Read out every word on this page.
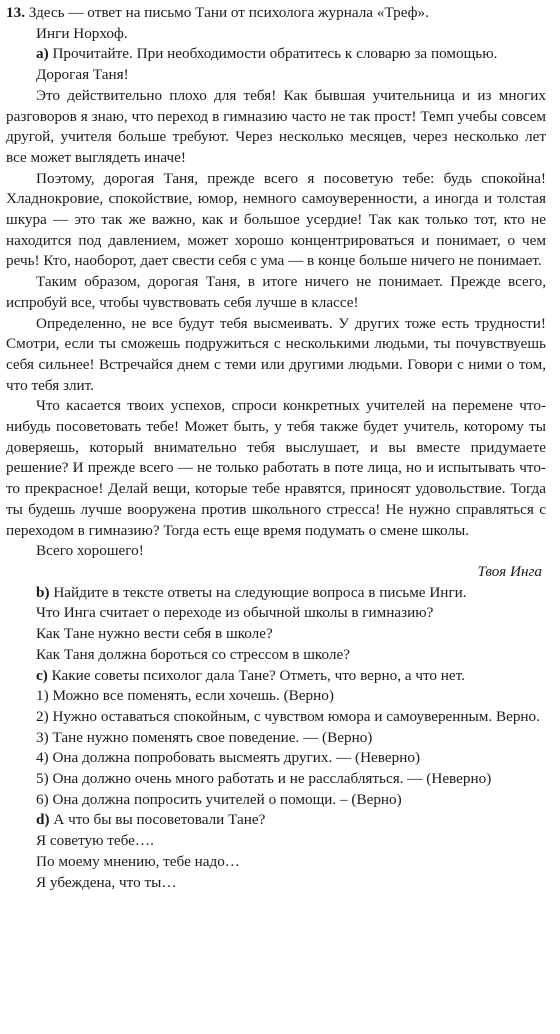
13. Здесь — ответ на письмо Тани от психолога журнала «Треф».

Инги Норхоф.

a) Прочитайте. При необходимости обратитесь к словарю за помощью.

Дорогая Таня!

Это действительно плохо для тебя! Как бывшая учительница и из многих разговоров я знаю, что переход в гимназию часто не так прост! Темп учебы совсем другой, учителя больше требуют. Через несколько месяцев, через несколько лет все может выглядеть иначе!

Поэтому, дорогая Таня, прежде всего я посоветую тебе: будь спокойна! Хладнокровие, спокойствие, юмор, немного самоуверенности, а иногда и толстая шкура — это так же важно, как и большое усердие! Так как только тот, кто не находится под давлением, может хорошо концентрироваться и понимает, о чем речь! Кто, наоборот, дает свести себя с ума — в конце больше ничего не понимает.

Таким образом, дорогая Таня, в итоге ничего не понимает. Прежде всего, испробуй все, чтобы чувствовать себя лучше в классе!

Определенно, не все будут тебя высмеивать. У других тоже есть трудности! Смотри, если ты сможешь подружиться с несколькими людьми, ты почувствуешь себя сильнее! Встречайся днем с теми или другими людьми. Говори с ними о том, что тебя злит.

Что касается твоих успехов, спроси конкретных учителей на перемене что-нибудь посоветовать тебе! Может быть, у тебя также будет учитель, которому ты доверяешь, который внимательно тебя выслушает, и вы вместе придумаете решение? И прежде всего — не только работать в поте лица, но и испытывать что-то прекрасное! Делай вещи, которые тебе нравятся, приносят удовольствие. Тогда ты будешь лучше вооружена против школьного стресса! Не нужно справляться с переходом в гимназию? Тогда есть еще время подумать о смене школы.

Всего хорошего!

Твоя Инга

b) Найдите в тексте ответы на следующие вопроса в письме Инги.

Что Инга считает о переходе из обычной школы в гимназию?

Как Тане нужно вести себя в школе?

Как Таня должна бороться со стрессом в школе?

c) Какие советы психолог дала Тане? Отметь, что верно, а что нет.

1) Можно все поменять, если хочешь. (Верно)

2) Нужно оставаться спокойным, с чувством юмора и самоуверенным. Верно.

3) Тане нужно поменять свое поведение. — (Верно)

4) Она должна попробовать высмеять других. — (Неверно)

5) Она должно очень много работать и не расслабляться. — (Неверно)

6) Она должна попросить учителей о помощи. – (Верно)

d) А что бы вы посоветовали Тане?

Я советую тебе….

По моему мнению, тебе надо…

Я убеждена, что ты…
